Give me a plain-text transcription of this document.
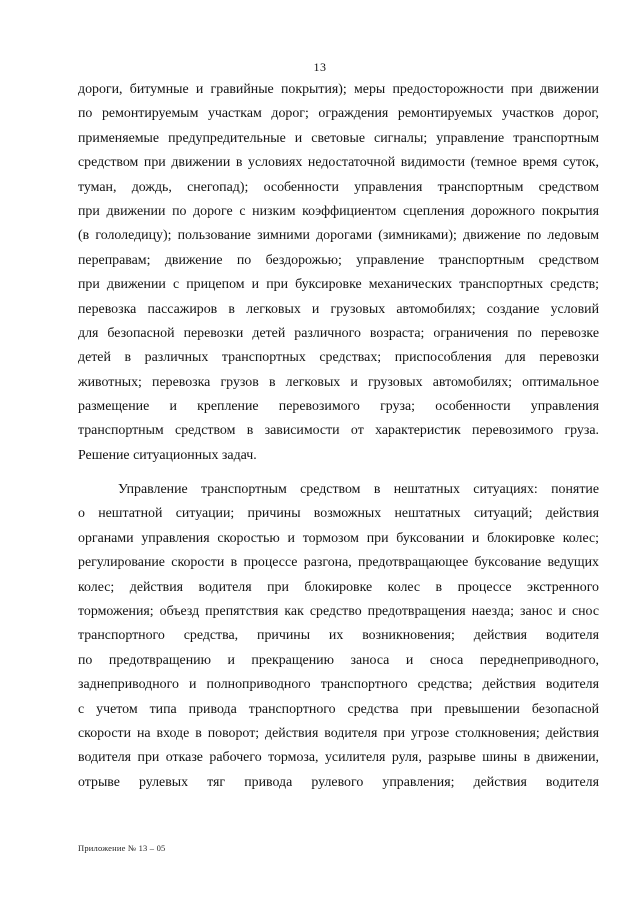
13
дороги, битумные и гравийные покрытия); меры предосторожности при движении
по ремонтируемым участкам дорог; ограждения ремонтируемых участков дорог,
применяемые предупредительные и световые сигналы; управление транспортным
средством при движении в условиях недостаточной видимости (темное время суток,
туман, дождь, снегопад); особенности управления транспортным средством
при движении по дороге с низким коэффициентом сцепления дорожного покрытия
(в гололедицу); пользование зимними дорогами (зимниками); движение по ледовым
переправам; движение по бездорожью; управление транспортным средством
при движении с прицепом и при буксировке механических транспортных средств;
перевозка пассажиров в легковых и грузовых автомобилях; создание условий
для безопасной перевозки детей различного возраста; ограничения по перевозке
детей в различных транспортных средствах; приспособления для перевозки
животных; перевозка грузов в легковых и грузовых автомобилях; оптимальное
размещение и крепление перевозимого груза; особенности управления
транспортным средством в зависимости от характеристик перевозимого груза.
Решение ситуационных задач.
Управление транспортным средством в нештатных ситуациях: понятие
о нештатной ситуации; причины возможных нештатных ситуаций; действия
органами управления скоростью и тормозом при буксовании и блокировке колес;
регулирование скорости в процессе разгона, предотвращающее буксование ведущих
колес; действия водителя при блокировке колес в процессе экстренного
торможения; объезд препятствия как средство предотвращения наезда; занос и снос
транспортного средства, причины их возникновения; действия водителя
по предотвращению и прекращению заноса и сноса переднеприводного,
заднеприводного и полноприводного транспортного средства; действия водителя
с учетом типа привода транспортного средства при превышении безопасной
скорости на входе в поворот; действия водителя при угрозе столкновения; действия
водителя при отказе рабочего тормоза, усилителя руля, разрыве шины в движении,
отрыве рулевых тяг привода рулевого управления; действия водителя
Приложение № 13 – 05
